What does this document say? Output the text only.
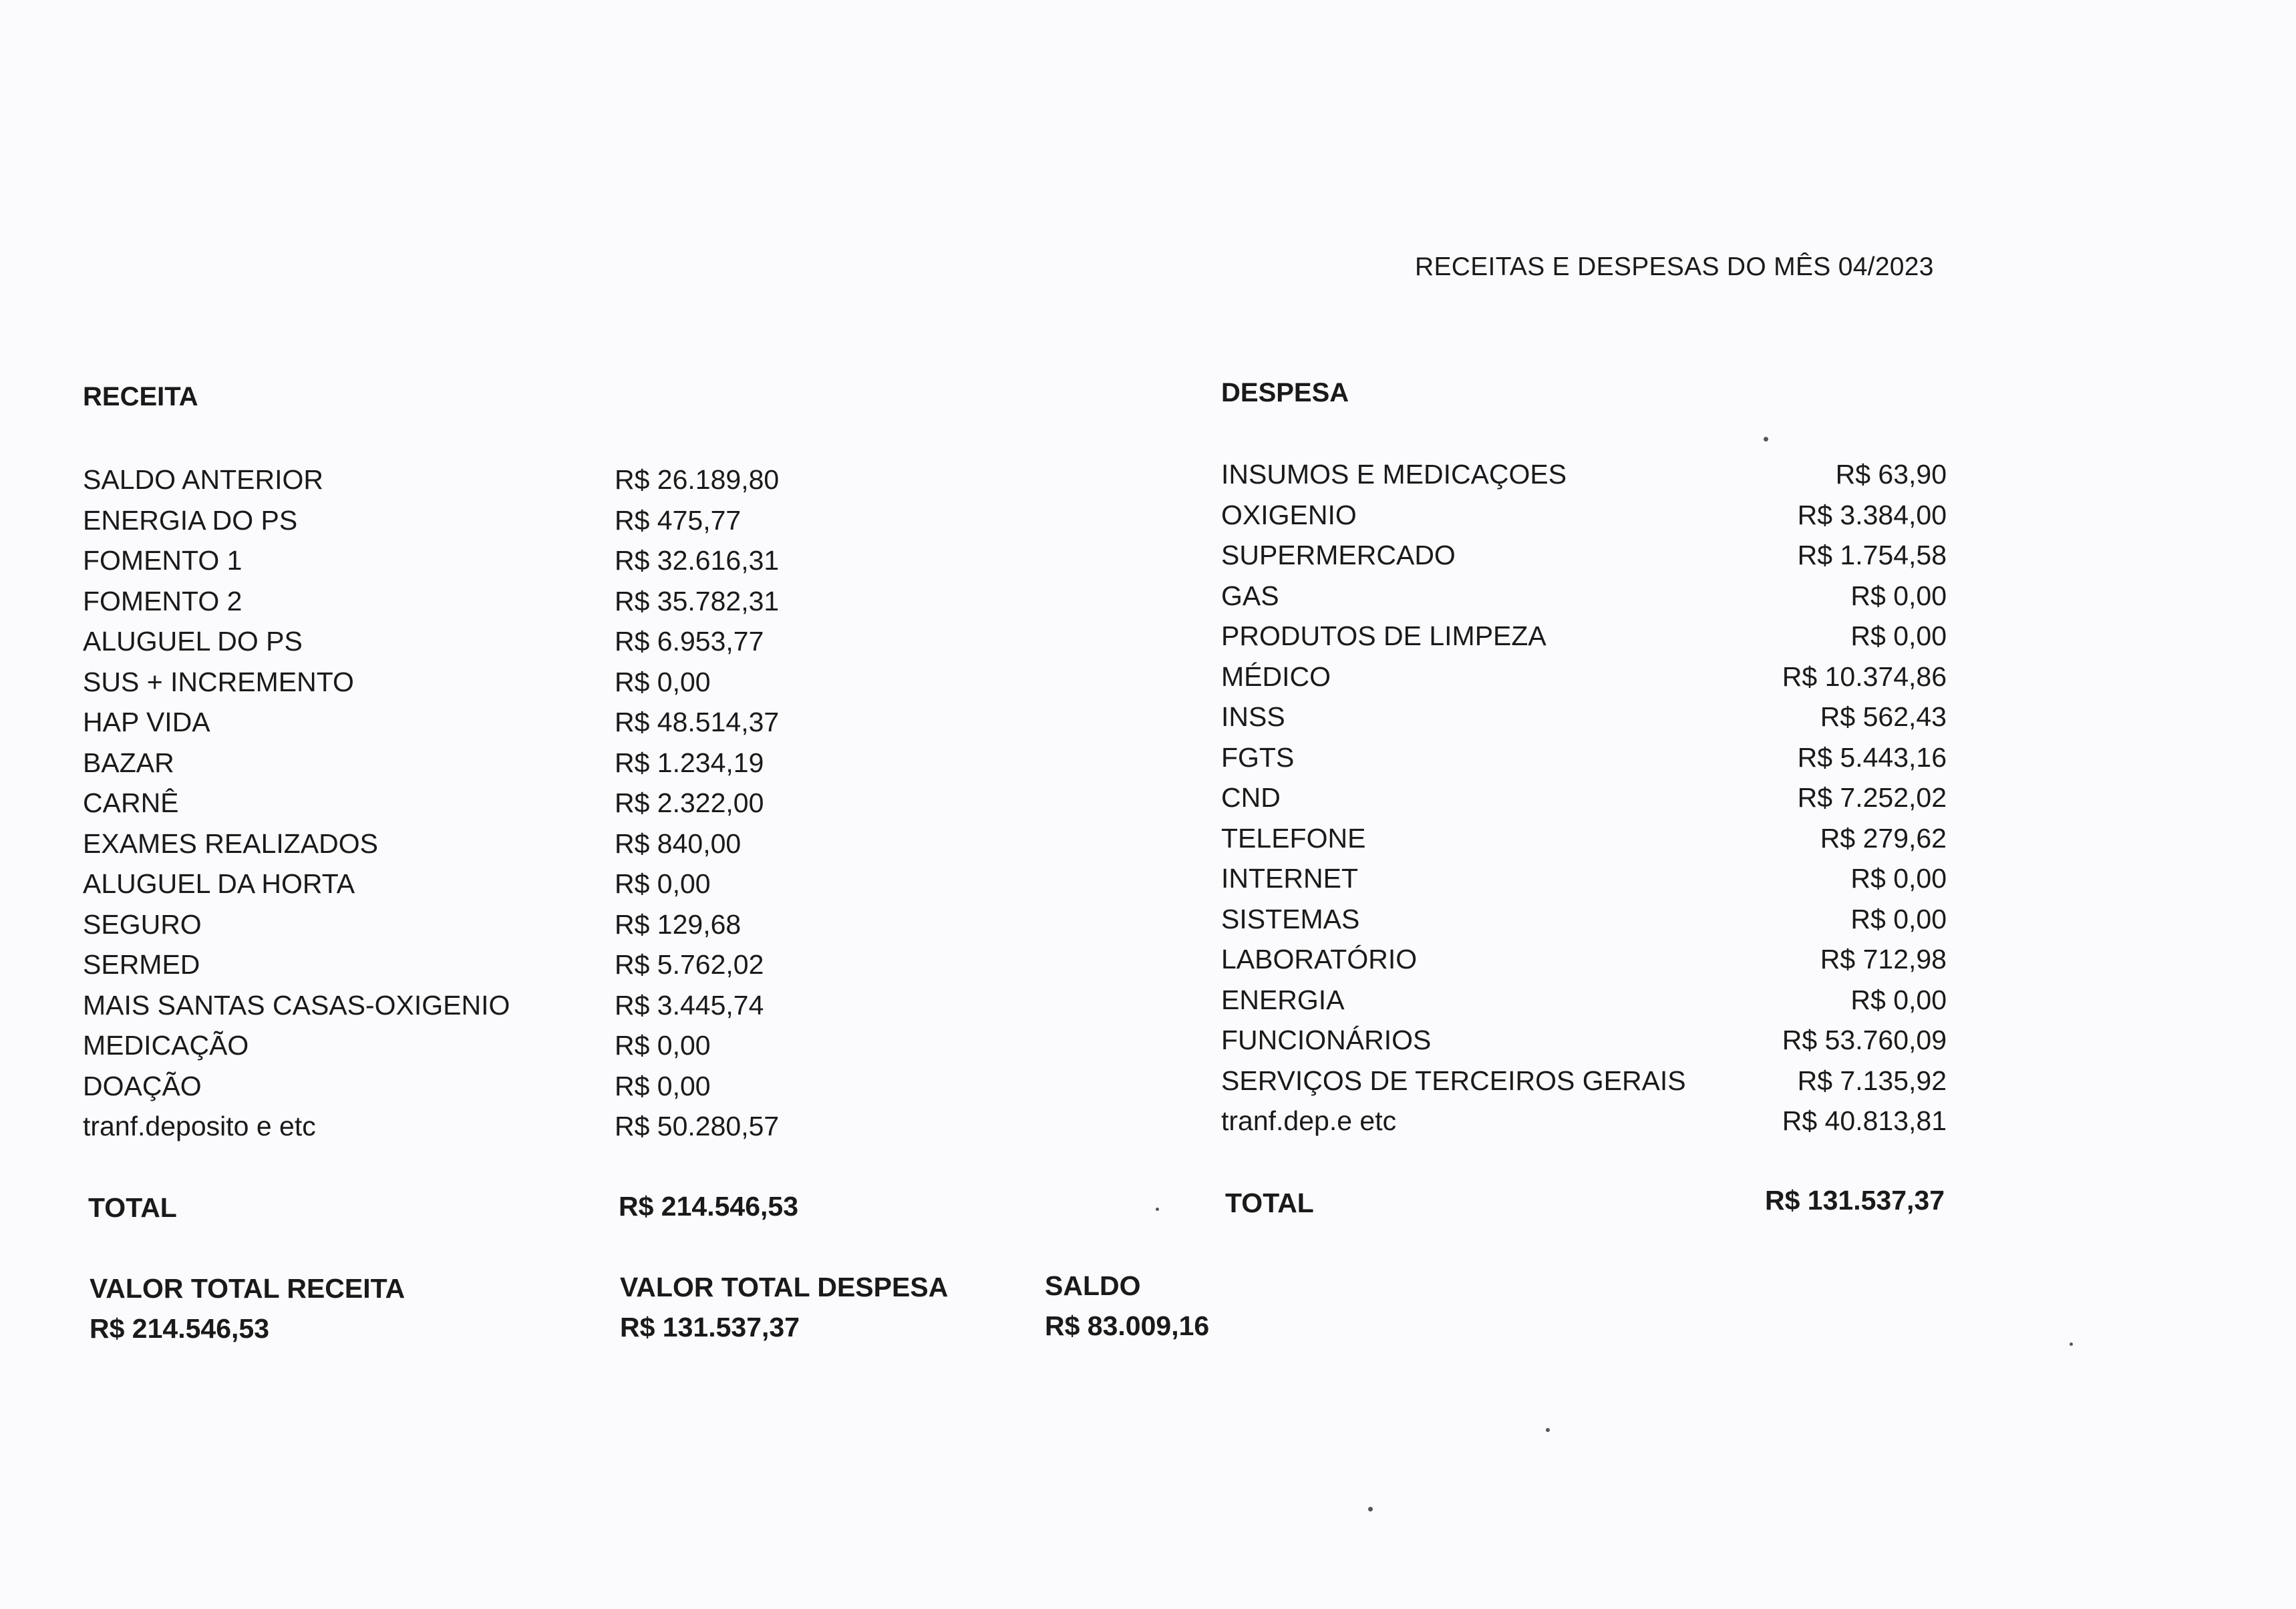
RECEITAS E DESPESAS DO MÊS 04/2023
RECEITA
SALDO ANTERIOR	R$ 26.189,80
ENERGIA DO PS	R$ 475,77
FOMENTO 1	R$ 32.616,31
FOMENTO 2	R$ 35.782,31
ALUGUEL DO PS	R$ 6.953,77
SUS + INCREMENTO	R$ 0,00
HAP VIDA	R$ 48.514,37
BAZAR	R$ 1.234,19
CARNÊ	R$ 2.322,00
EXAMES REALIZADOS	R$ 840,00
ALUGUEL DA HORTA	R$ 0,00
SEGURO	R$ 129,68
SERMED	R$ 5.762,02
MAIS SANTAS CASAS-OXIGENIO	R$ 3.445,74
MEDICAÇÃO	R$ 0,00
DOAÇÃO	R$ 0,00
tranf.deposito e etc	R$ 50.280,57
TOTAL	R$ 214.546,53
DESPESA
INSUMOS E MEDICAÇOES	R$ 63,90
OXIGENIO	R$ 3.384,00
SUPERMERCADO	R$ 1.754,58
GAS	R$ 0,00
PRODUTOS DE LIMPEZA	R$ 0,00
MÉDICO	R$ 10.374,86
INSS	R$ 562,43
FGTS	R$ 5.443,16
CND	R$ 7.252,02
TELEFONE	R$ 279,62
INTERNET	R$ 0,00
SISTEMAS	R$ 0,00
LABORATÓRIO	R$ 712,98
ENERGIA	R$ 0,00
FUNCIONÁRIOS	R$ 53.760,09
SERVIÇOS DE TERCEIROS GERAIS	R$ 7.135,92
tranf.dep.e etc	R$ 40.813,81
TOTAL	R$ 131.537,37
VALOR TOTAL RECEITA
R$ 214.546,53
VALOR TOTAL DESPESA
R$ 131.537,37
SALDO
R$ 83.009,16
